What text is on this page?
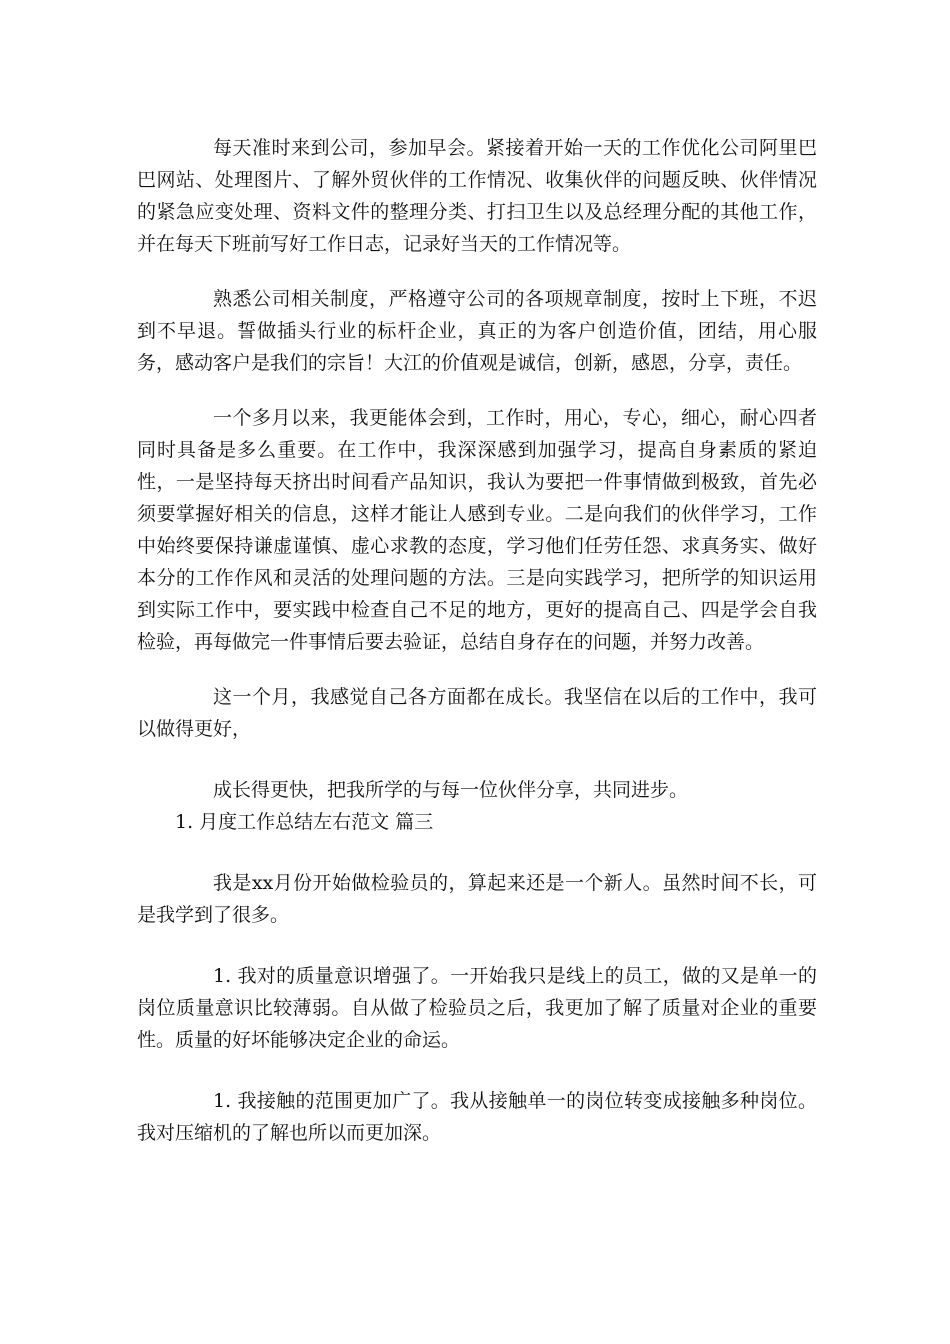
每天准时来到公司，参加早会。紧接着开始一天的工作优化公司阿里巴巴网站、处理图片、了解外贸伙伴的工作情况、收集伙伴的问题反映、伙伴情况的紧急应变处理、资料文件的整理分类、打扫卫生以及总经理分配的其他工作，并在每天下班前写好工作日志，记录好当天的工作情况等。

熟悉公司相关制度，严格遵守公司的各项规章制度，按时上下班，不迟到不早退。誓做插头行业的标杆企业，真正的为客户创造价值，团结，用心服务，感动客户是我们的宗旨！大江的价值观是诚信，创新，感恩，分享，责任。

一个多月以来，我更能体会到，工作时，用心，专心，细心，耐心四者同时具备是多么重要。在工作中，我深深感到加强学习，提高自身素质的紧迫性，一是坚持每天挤出时间看产品知识，我认为要把一件事情做到极致，首先必须要掌握好相关的信息，这样才能让人感到专业。二是向我们的伙伴学习，工作中始终要保持谦虚谨慎、虚心求教的态度，学习他们任劳任怨、求真务实、做好本分的工作作风和灵活的处理问题的方法。三是向实践学习，把所学的知识运用到实际工作中，要实践中检查自己不足的地方，更好的提高自己、四是学会自我检验，再每做完一件事情后要去验证，总结自身存在的问题，并努力改善。

这一个月，我感觉自己各方面都在成长。我坚信在以后的工作中，我可以做得更好，

成长得更快，把我所学的与每一位伙伴分享，共同进步。

1. 月度工作总结左右范文 篇三

我是xx月份开始做检验员的，算起来还是一个新人。虽然时间不长，可是我学到了很多。

1. 我对的质量意识增强了。一开始我只是线上的员工，做的又是单一的岗位质量意识比较薄弱。自从做了检验员之后，我更加了解了质量对企业的重要性。质量的好坏能够决定企业的命运。

1. 我接触的范围更加广了。我从接触单一的岗位转变成接触多种岗位。我对压缩机的了解也所以而更加深。
